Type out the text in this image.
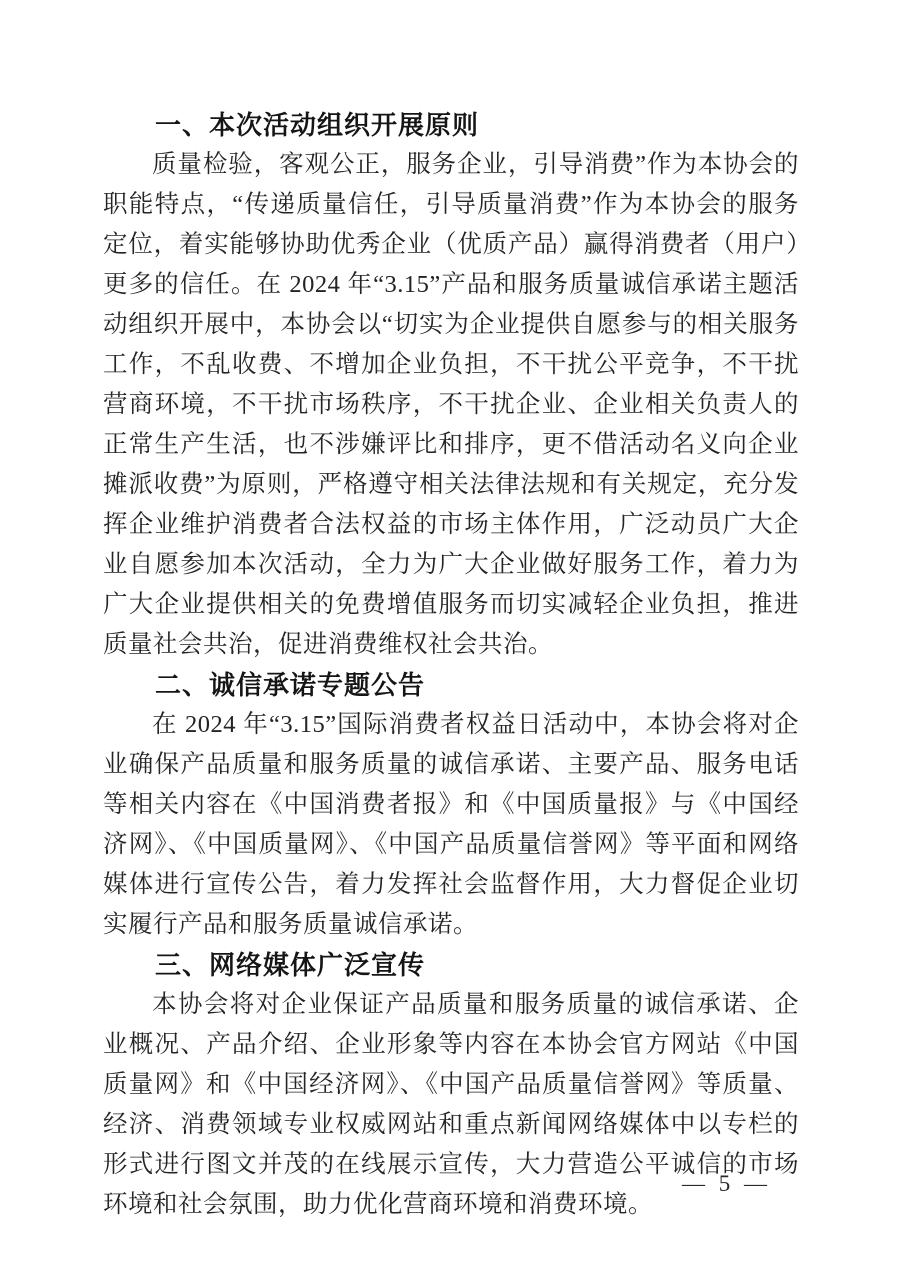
一、本次活动组织开展原则

质量检验，客观公正，服务企业，引导消费”作为本协会的职能特点，“传递质量信任，引导质量消费”作为本协会的服务定位，着实能够协助优秀企业（优质产品）赢得消费者（用户）更多的信任。在 2024 年“3.15”产品和服务质量诚信承诺主题活动组织开展中，本协会以“切实为企业提供自愿参与的相关服务工作，不乱收费、不增加企业负担，不干扰公平竞争，不干扰营商环境，不干扰市场秩序，不干扰企业、企业相关负责人的正常生产生活，也不涉嫌评比和排序，更不借活动名义向企业摊派收费”为原则，严格遵守相关法律法规和有关规定，充分发挥企业维护消费者合法权益的市场主体作用，广泛动员广大企业自愿参加本次活动，全力为广大企业做好服务工作，着力为广大企业提供相关的免费增值服务而切实减轻企业负担，推进质量社会共治，促进消费维权社会共治。

二、诚信承诺专题公告

在 2024 年“3.15”国际消费者权益日活动中，本协会将对企业确保产品质量和服务质量的诚信承诺、主要产品、服务电话等相关内容在《中国消费者报》和《中国质量报》与《中国经济网》、《中国质量网》、《中国产品质量信誉网》等平面和网络媒体进行宣传公告，着力发挥社会监督作用，大力督促企业切实履行产品和服务质量诚信承诺。

三、网络媒体广泛宣传

本协会将对企业保证产品质量和服务质量的诚信承诺、企业概况、产品介绍、企业形象等内容在本协会官方网站《中国质量网》和《中国经济网》、《中国产品质量信誉网》等质量、经济、消费领域专业权威网站和重点新闻网络媒体中以专栏的形式进行图文并茂的在线展示宣传，大力营造公平诚信的市场环境和社会氛围，助力优化营商环境和消费环境。

— 5 —
